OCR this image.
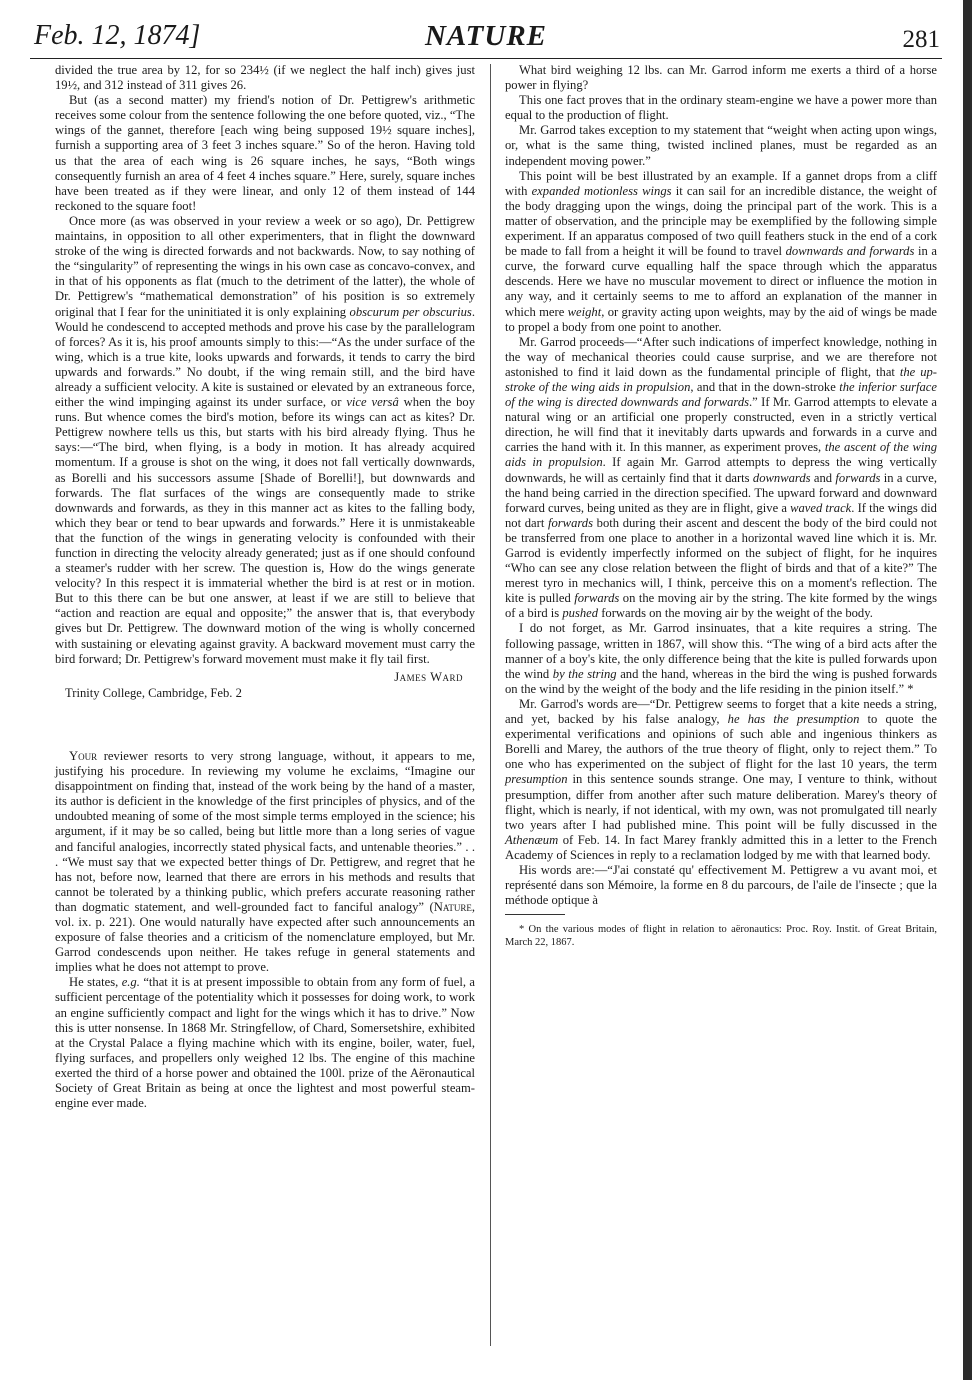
Feb. 12, 1874]	NATURE	281

divided the true area by 12, for so 234½ (if we neglect the half inch) gives just 19½, and 312 instead of 311 gives 26.

But (as a second matter) my friend's notion of Dr. Pettigrew's arithmetic receives some colour from the sentence following the one before quoted, viz., “The wings of the gannet, therefore [each wing being supposed 19½ square inches], furnish a supporting area of 3 feet 3 inches square.” So of the heron. Having told us that the area of each wing is 26 square inches, he says, “Both wings consequently furnish an area of 4 feet 4 inches square.” Here, surely, square inches have been treated as if they were linear, and only 12 of them instead of 144 reckoned to the square foot!

Once more (as was observed in your review a week or so ago), Dr. Pettigrew maintains, in opposition to all other experimenters, that in flight the downward stroke of the wing is directed forwards and not backwards. Now, to say nothing of the “singularity” of representing the wings in his own case as concavo-convex, and in that of his opponents as flat (much to the detriment of the latter), the whole of Dr. Pettigrew's “mathematical demonstration” of his position is so extremely original that I fear for the uninitiated it is only explaining obscurum per obscurius. Would he condescend to accepted methods and prove his case by the parallelogram of forces? As it is, his proof amounts simply to this:—“As the under surface of the wing, which is a true kite, looks upwards and forwards, it tends to carry the bird upwards and forwards.” No doubt, if the wing remain still, and the bird have already a sufficient velocity. A kite is sustained or elevated by an extraneous force, either the wind impinging against its under surface, or vice versâ when the boy runs. But whence comes the bird's motion, before its wings can act as kites? Dr. Pettigrew nowhere tells us this, but starts with his bird already flying. Thus he says:—“The bird, when flying, is a body in motion. It has already acquired momentum. If a grouse is shot on the wing, it does not fall vertically downwards, as Borelli and his successors assume [Shade of Borelli!], but downwards and forwards. The flat surfaces of the wings are consequently made to strike downwards and forwards, as they in this manner act as kites to the falling body, which they bear or tend to bear upwards and forwards.” Here it is unmistakeable that the function of the wings in generating velocity is confounded with their function in directing the velocity already generated; just as if one should confound a steamer's rudder with her screw. The question is, How do the wings generate velocity? In this respect it is immaterial whether the bird is at rest or in motion. But to this there can be but one answer, at least if we are still to believe that “action and reaction are equal and opposite;” the answer that is, that everybody gives but Dr. Pettigrew. The downward motion of the wing is wholly concerned with sustaining or elevating against gravity. A backward movement must carry the bird forward; Dr. Pettigrew's forward movement must make it fly tail first.

James Ward
Trinity College, Cambridge, Feb. 2

Your reviewer resorts to very strong language, without, it appears to me, justifying his procedure. In reviewing my volume he exclaims, “Imagine our disappointment on finding that, instead of the work being by the hand of a master, its author is deficient in the knowledge of the first principles of physics, and of the undoubted meaning of some of the most simple terms employed in the science; his argument, if it may be so called, being but little more than a long series of vague and fanciful analogies, incorrectly stated physical facts, and untenable theories.” . . . “We must say that we expected better things of Dr. Pettigrew, and regret that he has not, before now, learned that there are errors in his methods and results that cannot be tolerated by a thinking public, which prefers accurate reasoning rather than dogmatic statement, and well-grounded fact to fanciful analogy” (Nature, vol. ix. p. 221). One would naturally have expected after such announcements an exposure of false theories and a criticism of the nomenclature employed, but Mr. Garrod condescends upon neither. He takes refuge in general statements and implies what he does not attempt to prove.

He states, e.g. “that it is at present impossible to obtain from any form of fuel, a sufficient percentage of the potentiality which it possesses for doing work, to work an engine sufficiently compact and light for the wings which it has to drive.” Now this is utter nonsense. In 1868 Mr. Stringfellow, of Chard, Somersetshire, exhibited at the Crystal Palace a flying machine which with its engine, boiler, water, fuel, flying surfaces, and propellers only weighed 12 lbs. The engine of this machine exerted the third of a horse power and obtained the 100l. prize of the Aëronautical Society of Great Britain as being at once the lightest and most powerful steam-engine ever made.

What bird weighing 12 lbs. can Mr. Garrod inform me exerts a third of a horse power in flying?

This one fact proves that in the ordinary steam-engine we have a power more than equal to the production of flight.

Mr. Garrod takes exception to my statement that “weight when acting upon wings, or, what is the same thing, twisted inclined planes, must be regarded as an independent moving power.”

This point will be best illustrated by an example. If a gannet drops from a cliff with expanded motionless wings it can sail for an incredible distance, the weight of the body dragging upon the wings, doing the principal part of the work. This is a matter of observation, and the principle may be exemplified by the following simple experiment. If an apparatus composed of two quill feathers stuck in the end of a cork be made to fall from a height it will be found to travel downwards and forwards in a curve, the forward curve equalling half the space through which the apparatus descends. Here we have no muscular movement to direct or influence the motion in any way, and it certainly seems to me to afford an explanation of the manner in which mere weight, or gravity acting upon weights, may by the aid of wings be made to propel a body from one point to another.

Mr. Garrod proceeds—“After such indications of imperfect knowledge, nothing in the way of mechanical theories could cause surprise, and we are therefore not astonished to find it laid down as the fundamental principle of flight, that the up-stroke of the wing aids in propulsion, and that in the down-stroke the inferior surface of the wing is directed downwards and forwards.” If Mr. Garrod attempts to elevate a natural wing or an artificial one properly constructed, even in a strictly vertical direction, he will find that it inevitably darts upwards and forwards in a curve and carries the hand with it. In this manner, as experiment proves, the ascent of the wing aids in propulsion. If again Mr. Garrod attempts to depress the wing vertically downwards, he will as certainly find that it darts downwards and forwards in a curve, the hand being carried in the direction specified. The upward forward and downward forward curves, being united as they are in flight, give a waved track. If the wings did not dart forwards both during their ascent and descent the body of the bird could not be transferred from one place to another in a horizontal waved line which it is. Mr. Garrod is evidently imperfectly informed on the subject of flight, for he inquires “Who can see any close relation between the flight of birds and that of a kite?” The merest tyro in mechanics will, I think, perceive this on a moment's reflection. The kite is pulled forwards on the moving air by the string. The kite formed by the wings of a bird is pushed forwards on the moving air by the weight of the body.

I do not forget, as Mr. Garrod insinuates, that a kite requires a string. The following passage, written in 1867, will show this. “The wing of a bird acts after the manner of a boy's kite, the only difference being that the kite is pulled forwards upon the wind by the string and the hand, whereas in the bird the wing is pushed forwards on the wind by the weight of the body and the life residing in the pinion itself.” *

Mr. Garrod's words are—“Dr. Pettigrew seems to forget that a kite needs a string, and yet, backed by his false analogy, he has the presumption to quote the experimental verifications and opinions of such able and ingenious thinkers as Borelli and Marey, the authors of the true theory of flight, only to reject them.” To one who has experimented on the subject of flight for the last 10 years, the term presumption in this sentence sounds strange. One may, I venture to think, without presumption, differ from another after such mature deliberation. Marey's theory of flight, which is nearly, if not identical, with my own, was not promulgated till nearly two years after I had published mine. This point will be fully discussed in the Athenæum of Feb. 14. In fact Marey frankly admitted this in a letter to the French Academy of Sciences in reply to a reclamation lodged by me with that learned body.

His words are:—“J'ai constaté qu' effectivement M. Pettigrew a vu avant moi, et représenté dans son Mémoire, la forme en 8 du parcours, de l'aile de l'insecte ; que la méthode optique à

* On the various modes of flight in relation to aëronautics: Proc. Roy. Instit. of Great Britain, March 22, 1867.
